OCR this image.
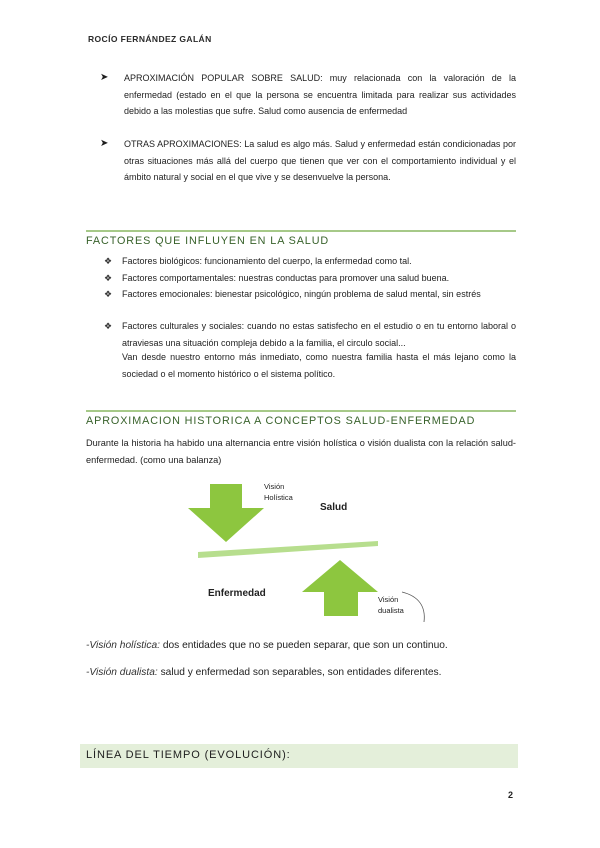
ROCÍO FERNÁNDEZ GALÁN
➤ APROXIMACIÓN POPULAR SOBRE SALUD: muy relacionada con la valoración de la enfermedad (estado en el que la persona se encuentra limitada para realizar sus actividades debido a las molestias que sufre. Salud como ausencia de enfermedad
➤ OTRAS APROXIMACIONES: La salud es algo más. Salud y enfermedad están condicionadas por otras situaciones más allá del cuerpo que tienen que ver con el comportamiento individual y el ámbito natural y social en el que vive y se desenvuelve la persona.
FACTORES QUE INFLUYEN EN LA SALUD
❖ Factores biológicos: funcionamiento del cuerpo, la enfermedad como tal.
❖ Factores comportamentales: nuestras conductas para promover una salud buena.
❖ Factores emocionales: bienestar psicológico, ningún problema de salud mental, sin estrés
❖ Factores culturales y sociales: cuando no estas satisfecho en el estudio o en tu entorno laboral o atraviesas una situación compleja debido a la familia, el circulo social...
Van desde nuestro entorno más inmediato, como nuestra familia hasta el más lejano como la sociedad o el momento histórico o el sistema político.
APROXIMACION HISTORICA A CONCEPTOS SALUD-ENFERMEDAD
Durante la historia ha habido una alternancia entre visión holística o visión dualista con la relación salud-enfermedad. (como una balanza)
Visión
Holística
Salud
Enfermedad
Visión
dualista
-Visión holística: dos entidades que no se pueden separar, que son un continuo.
-Visión dualista: salud y enfermedad son separables, son entidades diferentes.
LÍNEA DEL TIEMPO (EVOLUCIÓN):
2
